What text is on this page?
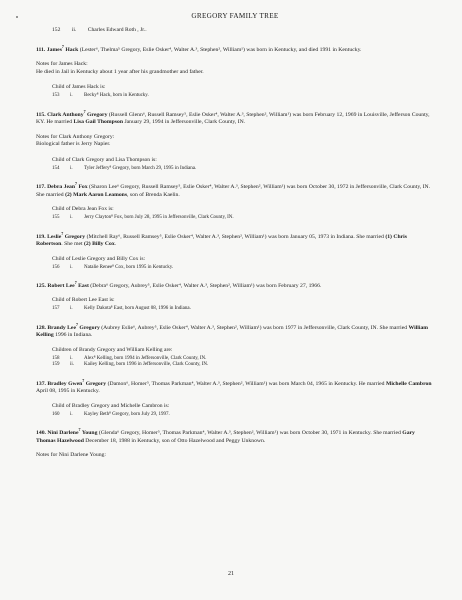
GREGORY FAMILY TREE
152 ii. Charles Edward Roth , Jr..
111. James$^7$ Hack (Lester⁶, Thelma⁵ Gregory, Eslie Osker⁴, Walter A.³, Stephen², William¹) was born in Kentucky, and died 1991 in Kentucky.
Notes for James Hack:
He died in Jail in Kentucky about 1 year after his grandmother and father.
Child of James Hack is:
153	i.	Becky⁸ Hack, born in Kentucky.
115. Clark Anthony$^7$ Gregory (Russell Glenn⁶, Russell Ramsey⁵, Eslie Osker⁴, Walter A.³, Stephen², William¹) was born February 12, 1969 in Louisville, Jefferson County, KY. He married Lisa Gail Thompson January 29, 1994 in Jeffersonville, Clark County, IN.
Notes for Clark Anthony Gregory:
Biological father is Jerry Napier.
Child of Clark Gregory and Lisa Thompson is:
154	i.	Tyler Jeffery⁸ Gregory, born March 29, 1995 in Indiana.
117. Debra Jean$^7$ Fox (Sharon Lee⁶ Gregory, Russell Ramsey⁵, Eslie Osker⁴, Walter A.³, Stephen², William¹) was born October 30, 1972 in Jeffersonville, Clark County, IN. She married (2) Mark Aaron Leamons, son of Brenda Kaelin.
Child of Debra Jean Fox is:
155	i.	Jerry Clayton⁸ Fox, born July 28, 1995 in Jeffersonville, Clark County, IN.
119. Leslie$^7$ Gregory (Mitchell Ray⁶, Russell Ramsey⁵, Eslie Osker⁴, Walter A.³, Stephen², William¹) was born January 05, 1973 in Indiana. She married (1) Chris Robertson. She met (2) Billy Cox.
Child of Leslie Gregory and Billy Cox is:
156	i.	Natalie Renee⁸ Cox, born 1995 in Kentucky.
125. Robert Lee$^7$ East (Debra⁶ Gregory, Aubrey⁵, Eslie Osker⁴, Walter A.³, Stephen², William¹) was born February 27, 1966.
Child of Robert Lee East is:
157	i.	Kelly Dakota⁸ East, born August 08, 1996 in Indiana.
128. Brandy Lee$^7$ Gregory (Aubrey Eslie⁶, Aubrey⁵, Eslie Osker⁴, Walter A.³, Stephen², William¹) was born 1977 in Jeffersonville, Clark County, IN. She married William Kelling 1996 in Indiana.
Children of Brandy Gregory and William Kelling are:
158	i.	Alex⁸ Kelling, born 1994 in Jeffersonville, Clark County, IN.
159	ii.	Kailey Kelling, born 1996 in Jeffersonville, Clark County, IN.
137. Bradley Gwen$^7$ Gregory (Damon⁶, Homer⁵, Thomas Parkman⁴, Walter A.³, Stephen², William¹) was born March 04, 1965 in Kentucky. He married Michelle Cambron April 08, 1995 in Kentucky.
Child of Bradley Gregory and Michelle Cambron is:
160	i.	Kayley Beth⁸ Gregory, born July 29, 1997.
140. Nini Darlene$^7$ Young (Glenda⁶ Gregory, Homer⁵, Thomas Parkman⁴, Walter A.³, Stephen², William¹) was born October 30, 1971 in Kentucky. She married Gary Thomas Hazelwood December 18, 1988 in Kentucky, son of Otto Hazelwood and Peggy Unknown.
Notes for Nini Darlene Young:
21
